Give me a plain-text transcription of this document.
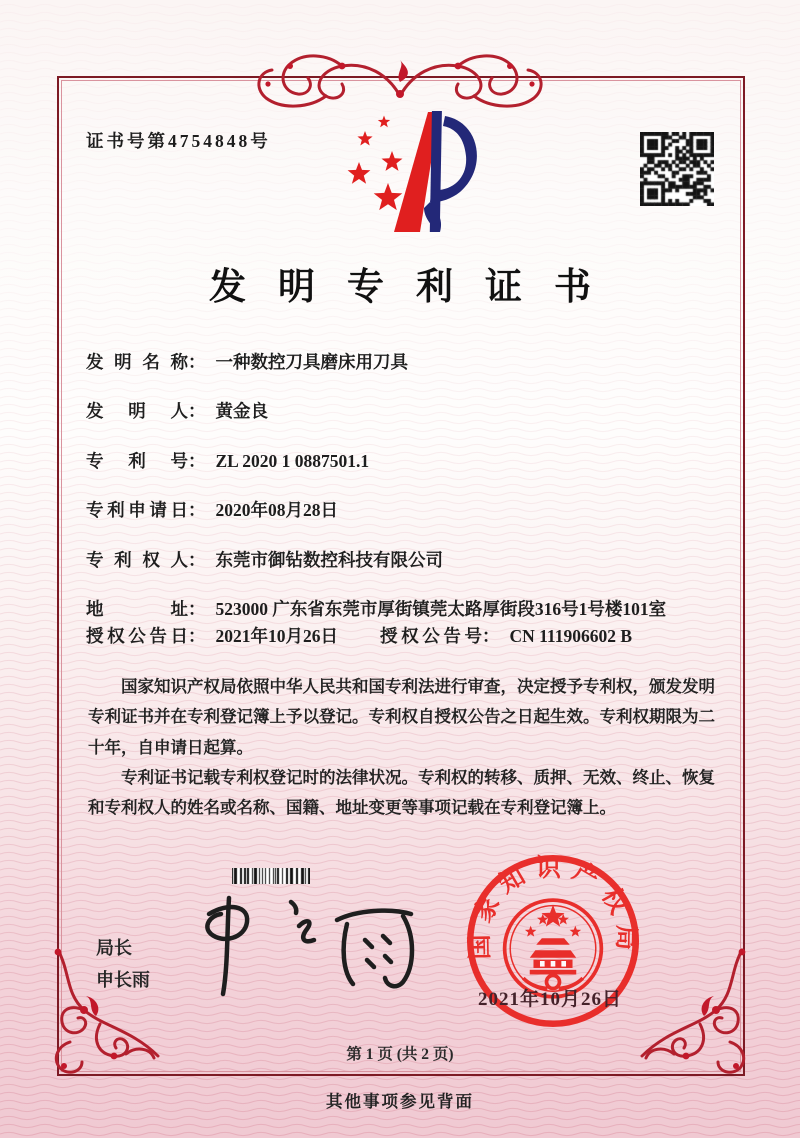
证书号第4754848号
发明专利证书
发明名称 ： 一种数控刀具磨床用刀具
发明人 ： 黄金良
专利号 ： ZL 2020 1 0887501.1
专利申请日 ： 2020年08月28日
专利权人 ： 东莞市御钻数控科技有限公司
地址 ： 523000 广东省东莞市厚街镇莞太路厚街段316号1号楼101室
授权公告日 ： 2021年10月26日 授权公告号 ： CN 111906602 B

国家知识产权局依照中华人民共和国专利法进行审查，决定授予专利权，颁发发明专利证书并在专利登记簿上予以登记。专利权自授权公告之日起生效。专利权期限为二十年，自申请日起算。

专利证书记载专利权登记时的法律状况。专利权的转移、质押、无效、终止、恢复和专利权人的姓名或名称、国籍、地址变更等事项记载在专利登记簿上。

局长
申长雨
国家知识产权局
2021年10月26日
第 1 页 (共 2 页)
其他事项参见背面
